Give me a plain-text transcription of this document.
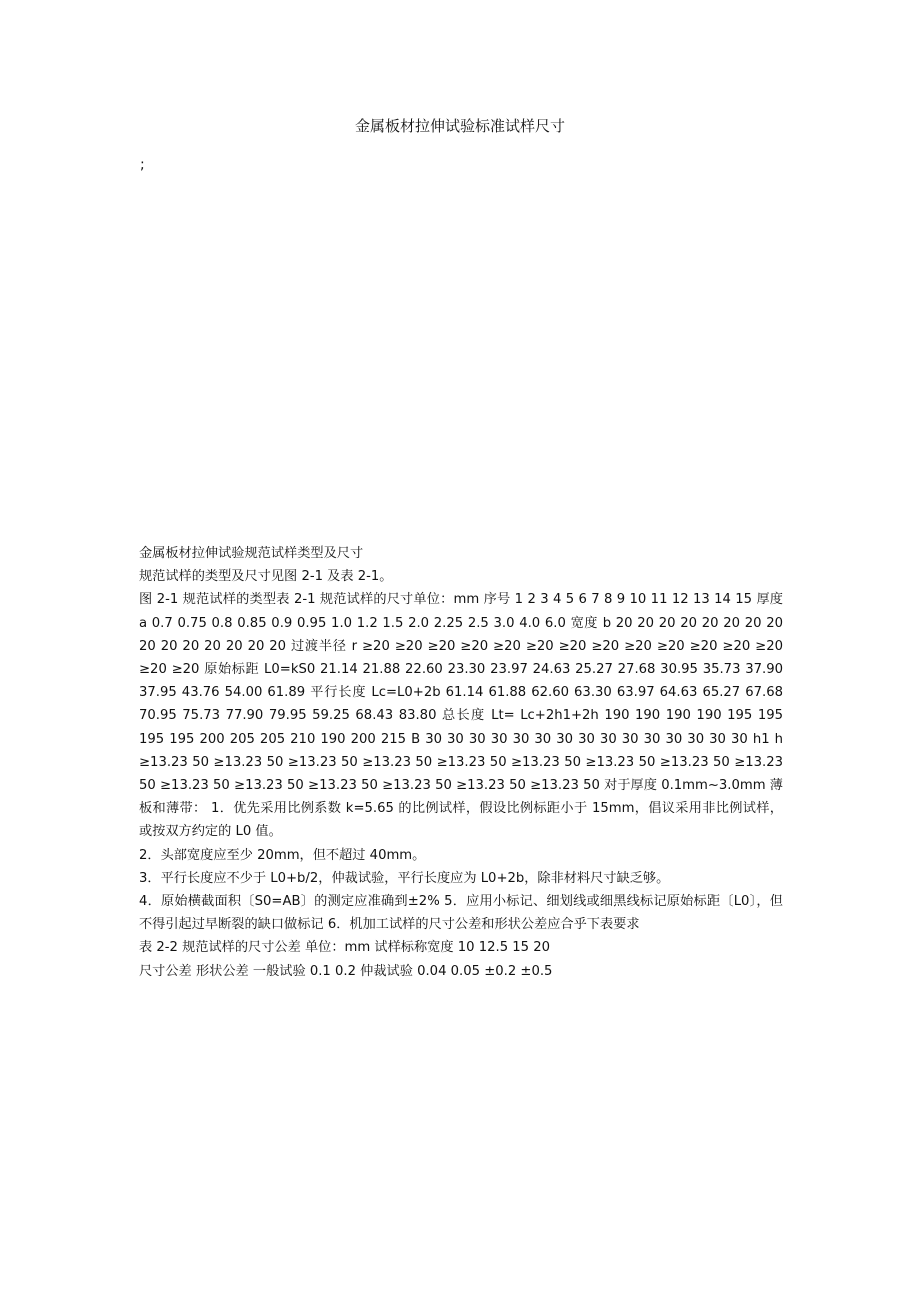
金属板材拉伸试验标准试样尺寸
;

金属板材拉伸试验规范试样类型及尺寸

规范试样的类型及尺寸见图 2-1 及表 2-1。

图 2-1 规范试样的类型表 2-1 规范试样的尺寸单位：mm 序号 1 2 3 4 5 6 7 8 9 10 11 12 13 14 15 厚度 a 0.7 0.75 0.8 0.85 0.9 0.95 1.0 1.2 1.5 2.0 2.25 2.5 3.0 4.0 6.0 宽度 b 20 20 20 20 20 20 20 20 20 20 20 20 20 20 20 过渡半径 r ≥20 ≥20 ≥20 ≥20 ≥20 ≥20 ≥20 ≥20 ≥20 ≥20 ≥20 ≥20 ≥20 ≥20 ≥20 原始标距 L0=kS0 21.14 21.88 22.60 23.30 23.97 24.63 25.27 27.68 30.95 35.73 37.90 37.95 43.76 54.00 61.89 平行长度 Lc=L0+2b 61.14 61.88 62.60 63.30 63.97 64.63 65.27 67.68 70.95 75.73 77.90 79.95 59.25 68.43 83.80 总长度 Lt= Lc+2h1+2h 190 190 190 190 195 195 195 195 200 205 205 210 190 200 215 B 30 30 30 30 30 30 30 30 30 30 30 30 30 30 30 h1 h ≥13.23 50 ≥13.23 50 ≥13.23 50 ≥13.23 50 ≥13.23 50 ≥13.23 50 ≥13.23 50 ≥13.23 50 ≥13.23 50 ≥13.23 50 ≥13.23 50 ≥13.23 50 ≥13.23 50 ≥13.23 50 ≥13.23 50 对于厚度 0.1mm~3.0mm 薄板和薄带： 1．优先采用比例系数 k=5.65 的比例试样，假设比例标距小于 15mm，倡议采用非比例试样， 或按双方约定的 L0 值。

2．头部宽度应至少 20mm，但不超过 40mm。

3．平行长度应不少于 L0+b/2，仲裁试验，平行长度应为 L0+2b，除非材料尺寸缺乏够。

4．原始横截面积〔S0=AB〕的测定应准确到±2% 5．应用小标记、细划线或细黑线标记原始标距〔L0〕，但不得引起过早断裂的缺口做标记 6．机加工试样的尺寸公差和形状公差应合乎下表要求

表 2-2 规范试样的尺寸公差 单位：mm 试样标称宽度 10 12.5 15 20

尺寸公差 形状公差 一般试验 0.1 0.2 仲裁试验 0.04 0.05 ±0.2 ±0.5
